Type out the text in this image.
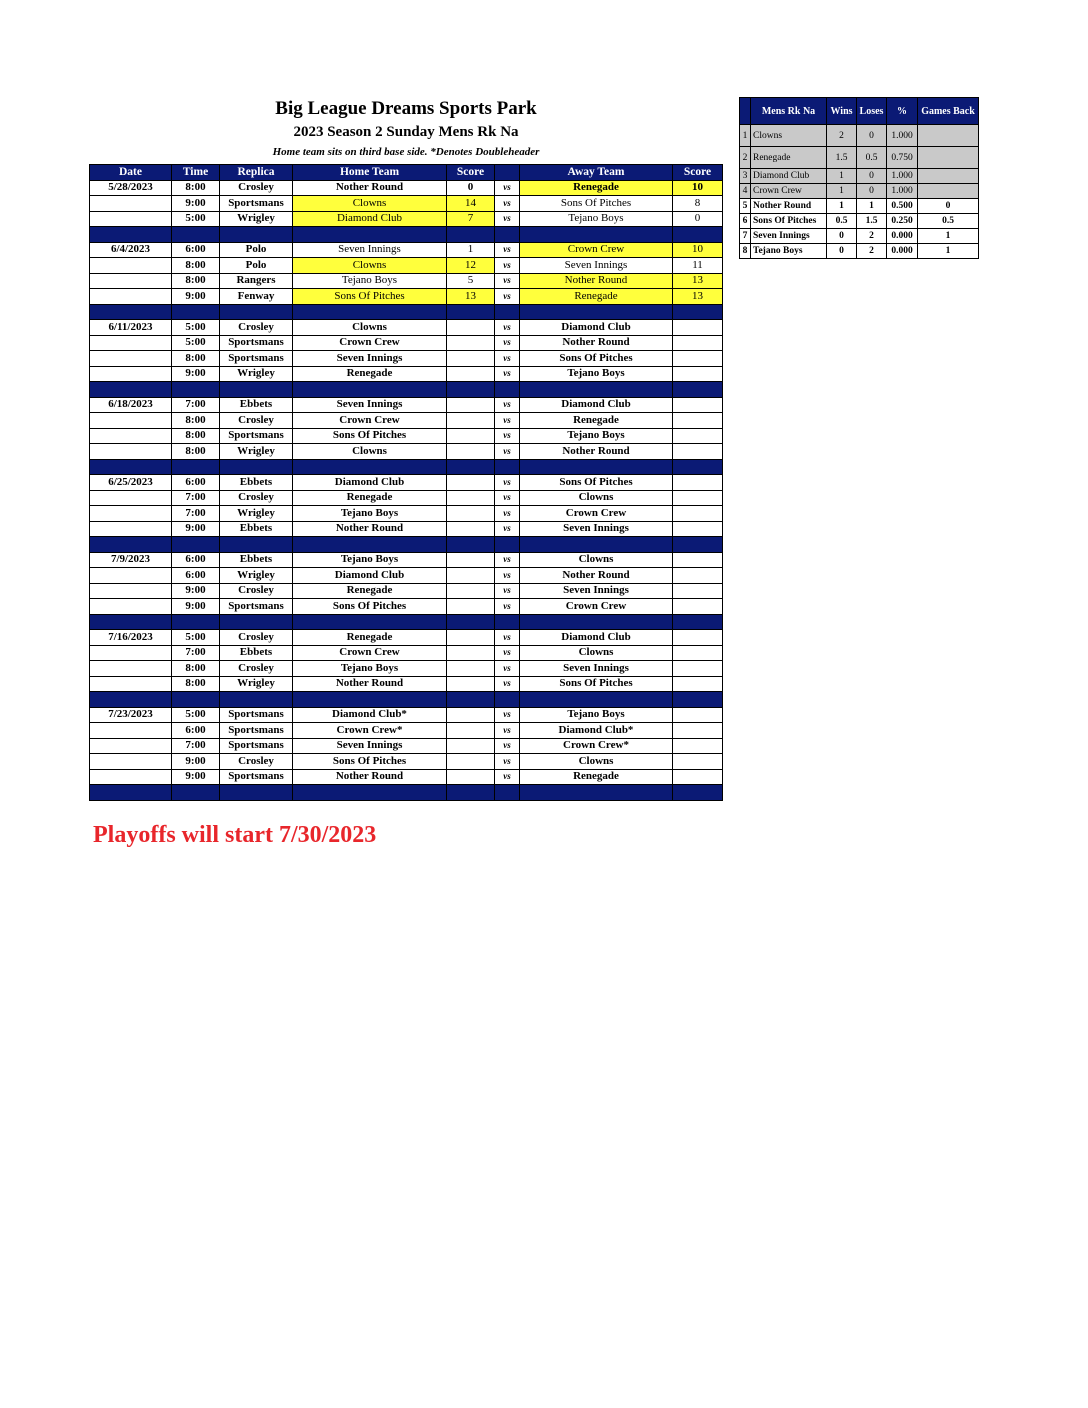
Big League Dreams Sports Park
2023 Season 2 Sunday Mens Rk Na
Home team sits on third base side. *Denotes Doubleheader
Date	Time	Replica	Home Team	Score		Away Team	Score
5/28/2023	8:00	Crosley	Nother Round	0	vs	Renegade	10
	9:00	Sportsmans	Clowns	14	vs	Sons Of Pitches	8
	5:00	Wrigley	Diamond Club	7	vs	Tejano Boys	0

6/4/2023	6:00	Polo	Seven Innings	1	vs	Crown Crew	10
	8:00	Polo	Clowns	12	vs	Seven Innings	11
	8:00	Rangers	Tejano Boys	5	vs	Nother Round	13
	9:00	Fenway	Sons Of Pitches	13	vs	Renegade	13

6/11/2023	5:00	Crosley	Clowns		vs	Diamond Club	
	5:00	Sportsmans	Crown Crew		vs	Nother Round	
	8:00	Sportsmans	Seven Innings		vs	Sons Of Pitches	
	9:00	Wrigley	Renegade		vs	Tejano Boys	

6/18/2023	7:00	Ebbets	Seven Innings		vs	Diamond Club	
	8:00	Crosley	Crown Crew		vs	Renegade	
	8:00	Sportsmans	Sons Of Pitches		vs	Tejano Boys	
	8:00	Wrigley	Clowns		vs	Nother Round	

6/25/2023	6:00	Ebbets	Diamond Club		vs	Sons Of Pitches	
	7:00	Crosley	Renegade		vs	Clowns	
	7:00	Wrigley	Tejano Boys		vs	Crown Crew	
	9:00	Ebbets	Nother Round		vs	Seven Innings	

7/9/2023	6:00	Ebbets	Tejano Boys		vs	Clowns	
	6:00	Wrigley	Diamond Club		vs	Nother Round	
	9:00	Crosley	Renegade		vs	Seven Innings	
	9:00	Sportsmans	Sons Of Pitches		vs	Crown Crew	

7/16/2023	5:00	Crosley	Renegade		vs	Diamond Club	
	7:00	Ebbets	Crown Crew		vs	Clowns	
	8:00	Crosley	Tejano Boys		vs	Seven Innings	
	8:00	Wrigley	Nother Round		vs	Sons Of Pitches	

7/23/2023	5:00	Sportsmans	Diamond Club*		vs	Tejano Boys	
	6:00	Sportsmans	Crown Crew*		vs	Diamond Club*	
	7:00	Sportsmans	Seven Innings		vs	Crown Crew*	
	9:00	Crosley	Sons Of Pitches		vs	Clowns	
	9:00	Sportsmans	Nother Round		vs	Renegade	

	Mens Rk Na	Wins	Loses	%	Games Back
1	Clowns	2	0	1.000	
2	Renegade	1.5	0.5	0.750	
3	Diamond Club	1	0	1.000	
4	Crown Crew	1	0	1.000	
5	Nother Round	1	1	0.500	0
6	Sons Of Pitches	0.5	1.5	0.250	0.5
7	Seven Innings	0	2	0.000	1
8	Tejano Boys	0	2	0.000	1
Playoffs will start 7/30/2023
